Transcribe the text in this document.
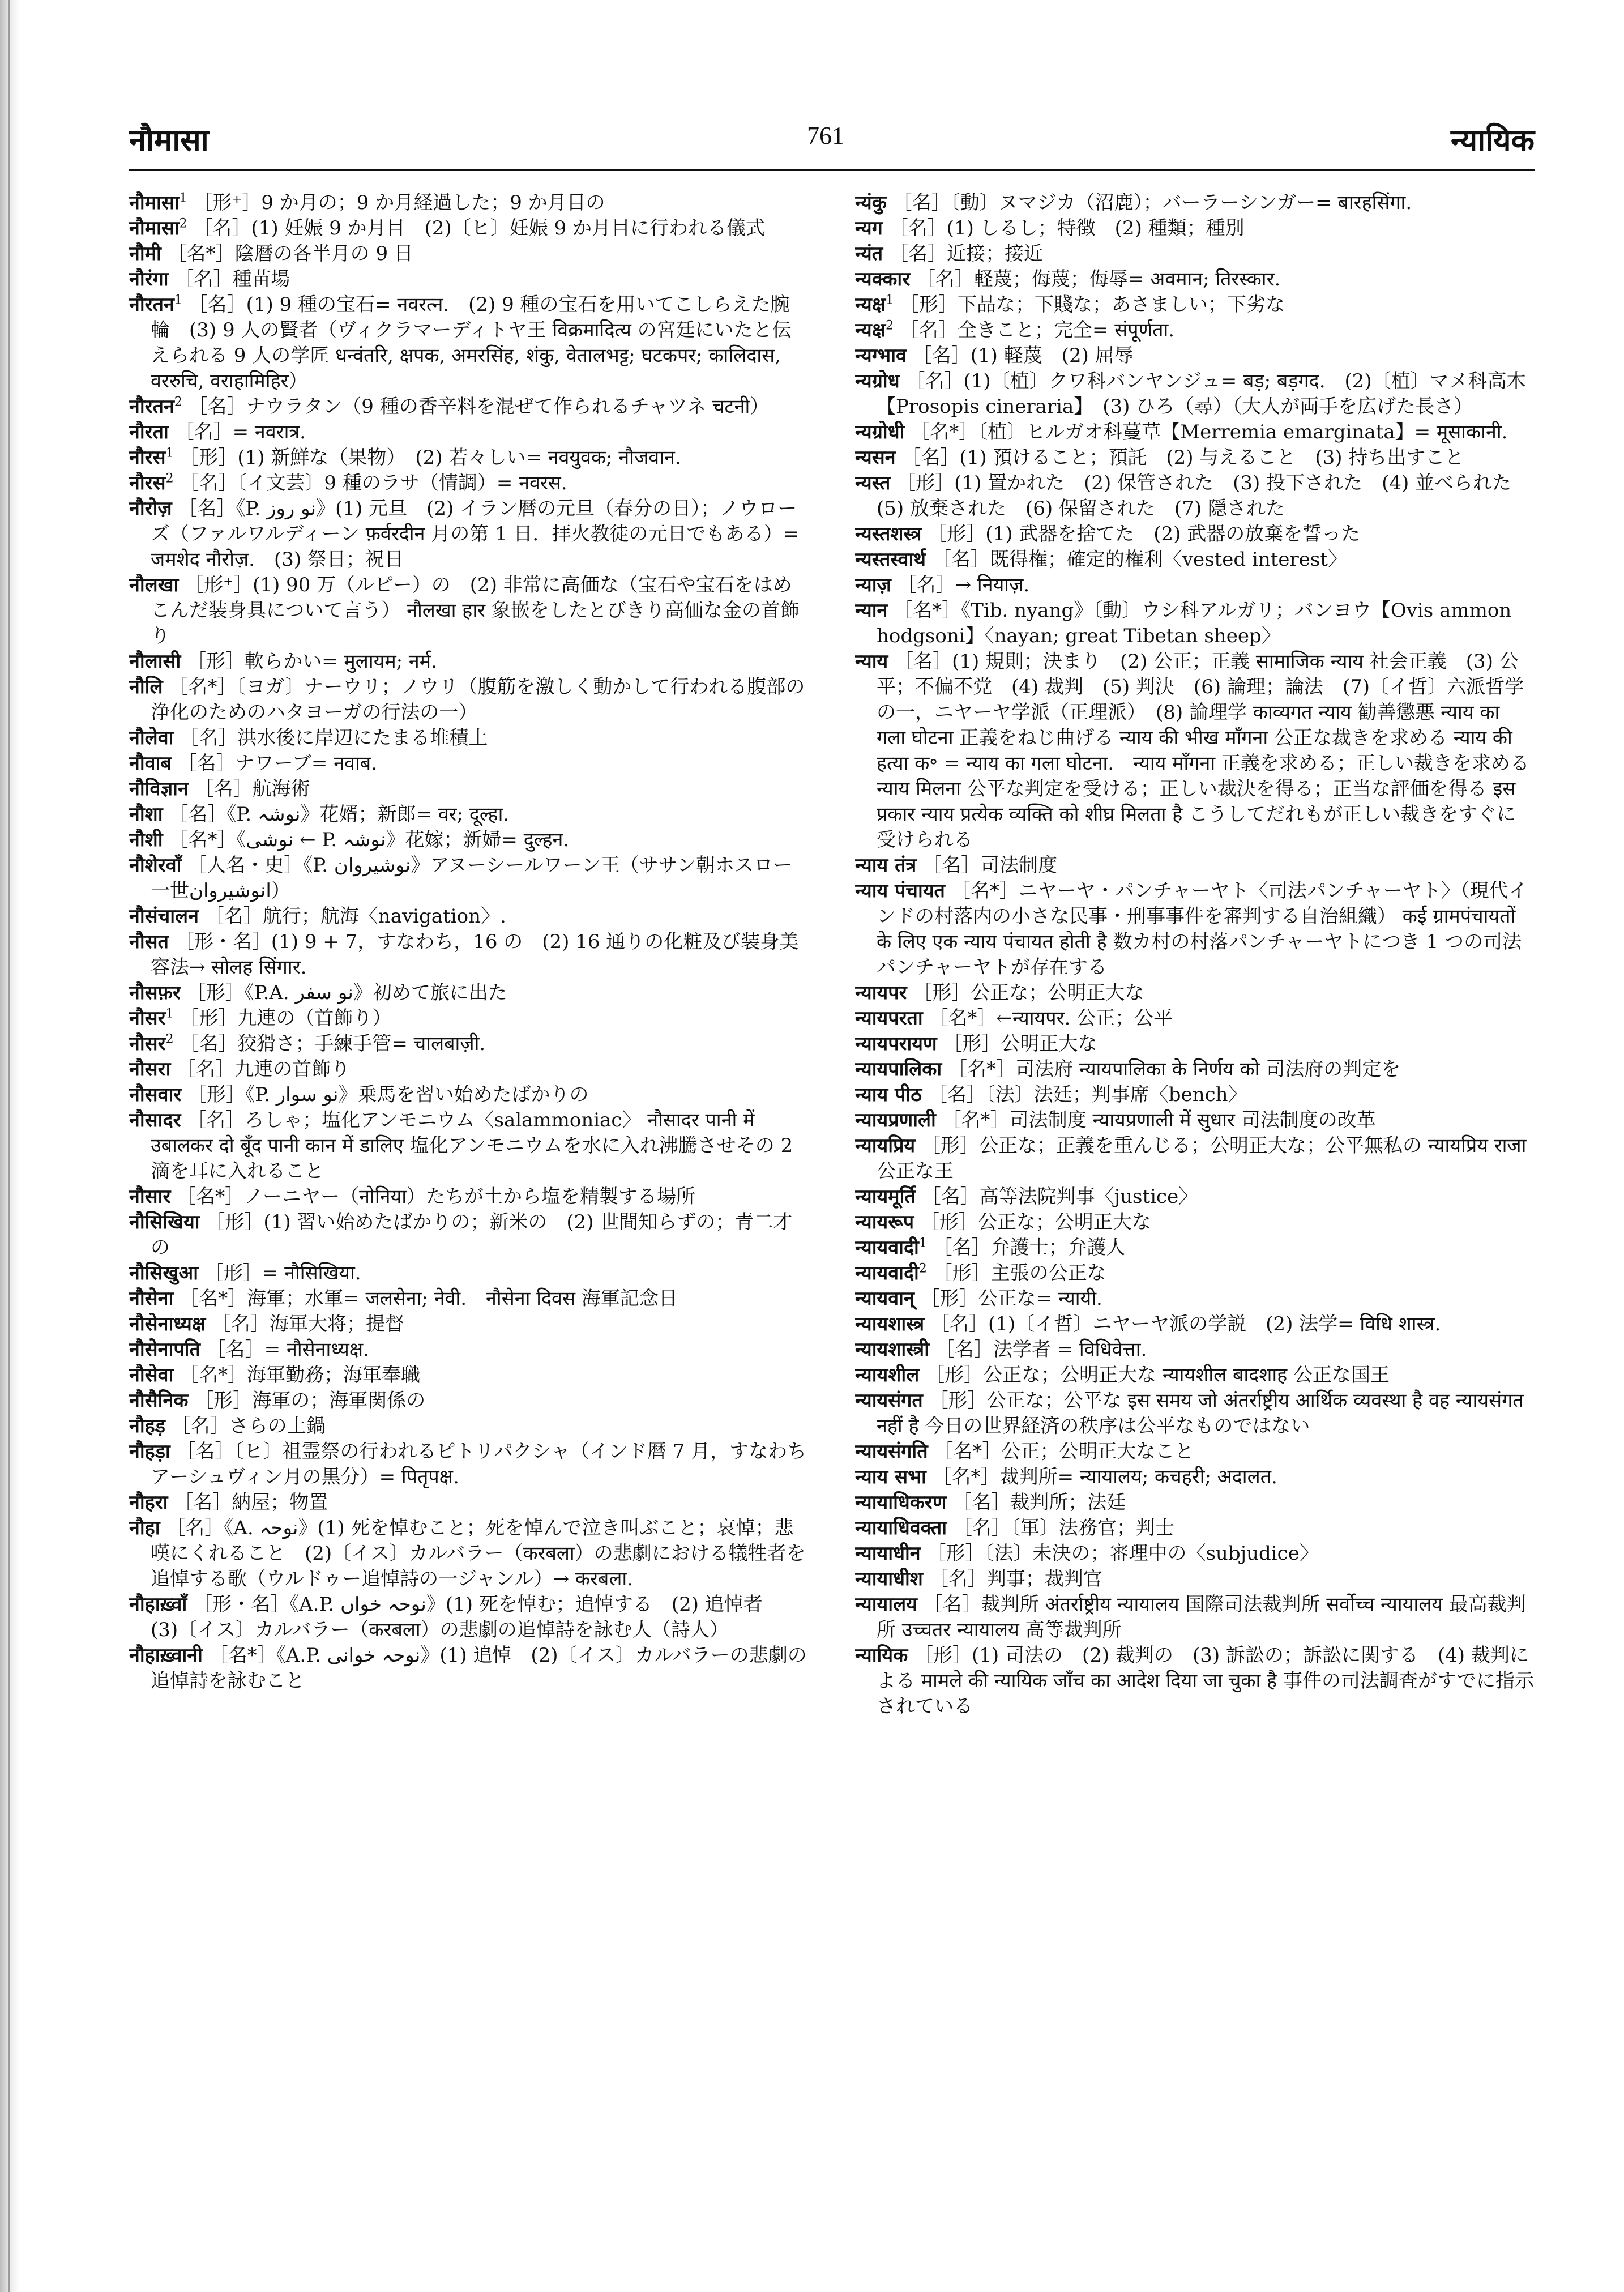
नौमासा	761	न्यायिक

नौमासा$^1$ ［形⁺］9 か月の；9 か月経過した；9 か月目の

नौमासा$^2$ ［名］(1) 妊娠 9 か月目　(2)〔ヒ〕妊娠 9 か月目に行われる儀式

नौमी ［名*］陰暦の各半月の 9 日

नौरंगा ［名］種苗場

नौरतन$^1$ ［名］(1) 9 種の宝石= नवरत्न.　(2) 9 種の宝石を用いてこしらえた腕輪　(3) 9 人の賢者（ヴィクラマーディトヤ王 विक्रमादित्य の宮廷にいたと伝えられる 9 人の学匠 धन्वंतरि, क्षपक, अमरसिंह, शंकु, वेतालभट्ट; घटकपर; कालिदास, वररुचि, वराहामिहिर）

नौरतन$^2$ ［名］ナウラタン（9 種の香辛料を混ぜて作られるチャツネ चटनी）

नौरता ［名］= नवरात्र.

नौरस$^1$ ［形］(1) 新鮮な（果物）　(2) 若々しい= नवयुवक; नौजवान.

नौरस$^2$ ［名］〔イ文芸〕9 種のラサ（情調）= नवरस.

नौरोज़ ［名］《P. نو روز》(1) 元旦　(2) イラン暦の元旦（春分の日）；ノウローズ（ファルワルディーン फ़र्वरदीन 月の第 1 日．拝火教徒の元日でもある）= जमशेद नौरोज़.　(3) 祭日；祝日

नौलखा ［形⁺］(1) 90 万（ルピー）の　(2) 非常に高価な（宝石や宝石をはめこんだ装身具について言う） नौलखा हार 象嵌をしたとびきり高価な金の首飾り

नौलासी ［形］軟らかい= मुलायम; नर्म.

नौलि ［名*］〔ヨガ〕ナーウリ；ノウリ（腹筋を激しく動かして行われる腹部の浄化のためのハタヨーガの行法の一）

नौलेवा ［名］洪水後に岸辺にたまる堆積土

नौवाब ［名］ナワーブ= नवाब.

नौविज्ञान ［名］航海術

नौशा ［名］《P. نوشہ》花婿；新郎= वर; दूल्हा.

नौशी ［名*］《نوشی ← P. نوشہ》花嫁；新婦= दुल्हन.

नौशेरवाँ ［人名・史］《P. نوشیروان》アヌーシールワーン王（ササン朝ホスロー一世انوشیروان）

नौसंचालन ［名］航行；航海〈navigation〉.

नौसत ［形・名］(1) 9 + 7，すなわち，16 の　(2) 16 通りの化粧及び装身美容法→ सोलह सिंगार.

नौसफ़र ［形］《P.A. نو سفر》初めて旅に出た

नौसर$^1$ ［形］九連の（首飾り）

नौसर$^2$ ［名］狡猾さ；手練手管= चालबाज़ी.

नौसरा ［名］九連の首飾り

नौसवार ［形］《P. نو سوار》乗馬を習い始めたばかりの

नौसादर ［名］ろしゃ；塩化アンモニウム〈salammoniac〉 नौसादर पानी में उबालकर दो बूँद पानी कान में डालिए 塩化アンモニウムを水に入れ沸騰させその 2 滴を耳に入れること

नौसार ［名*］ノーニヤー（नोनिया）たちが土から塩を精製する場所

नौसिखिया ［形］(1) 習い始めたばかりの；新米の　(2) 世間知らずの；青二才の

नौसिखुआ ［形］= नौसिखिया.

नौसेना ［名*］海軍；水軍= जलसेना; नेवी.　नौसेना दिवस 海軍記念日

नौसेनाध्यक्ष ［名］海軍大将；提督

नौसेनापति ［名］= नौसेनाध्यक्ष.

नौसेवा ［名*］海軍勤務；海軍奉職

नौसैनिक ［形］海軍の；海軍関係の

नौहड़ ［名］さらの土鍋

नौहड़ा ［名］〔ヒ〕祖霊祭の行われるピトリパクシャ（インド暦 7 月，すなわちアーシュヴィン月の黒分）= पितृपक्ष.

नौहरा ［名］納屋；物置

नौहा ［名］《A. نوحہ》(1) 死を悼むこと；死を悼んで泣き叫ぶこと；哀悼；悲嘆にくれること　(2)〔イス〕カルバラー（करबला）の悲劇における犠牲者を追悼する歌（ウルドゥー追悼詩の一ジャンル）→ करबला.

नौहाख़्वाँ ［形・名］《A.P. نوحہ خواں》(1) 死を悼む；追悼する　(2) 追悼者　(3)〔イス〕カルバラー（करबला）の悲劇の追悼詩を詠む人（詩人）

नौहाख़्वानी ［名*］《A.P. نوحہ خوانی》(1) 追悼　(2)〔イス〕カルバラーの悲劇の追悼詩を詠むこと

न्यंकु ［名］〔動〕ヌマジカ（沼鹿）；バーラーシンガー= बारहसिंगा.

न्यग ［名］(1) しるし；特徴　(2) 種類；種別

न्यंत ［名］近接；接近

न्यक्कार ［名］軽蔑；侮蔑；侮辱= अवमान; तिरस्कार.

न्यक्ष$^1$ ［形］下品な；下賤な；あさましい；下劣な

न्यक्ष$^2$ ［名］全きこと；完全= संपूर्णता.

न्यग्भाव ［名］(1) 軽蔑　(2) 屈辱

न्यग्रोध ［名］(1)〔植〕クワ科バンヤンジュ= बड़; बड़गद.　(2)〔植〕マメ科高木【Prosopis cineraria】　(3) ひろ（尋）（大人が両手を広げた長さ）

न्यग्रोधी ［名*］〔植〕ヒルガオ科蔓草【Merremia emarginata】= मूसाकानी.

न्यसन ［名］(1) 預けること；預託　(2) 与えること　(3) 持ち出すこと

न्यस्त ［形］(1) 置かれた　(2) 保管された　(3) 投下された　(4) 並べられた　(5) 放棄された　(6) 保留された　(7) 隠された

न्यस्तशस्त्र ［形］(1) 武器を捨てた　(2) 武器の放棄を誓った

न्यस्तस्वार्थ ［名］既得権；確定的権利〈vested interest〉

न्याज़ ［名］→ नियाज़.

न्यान ［名*］《Tib. nyang》〔動〕ウシ科アルガリ；バンヨウ【Ovis ammon hodgsoni】〈nayan; great Tibetan sheep〉

न्याय ［名］(1) 規則；決まり　(2) 公正；正義 सामाजिक न्याय 社会正義　(3) 公平；不偏不党　(4) 裁判　(5) 判決　(6) 論理；論法　(7)〔イ哲〕六派哲学の一，ニヤーヤ学派（正理派）　(8) 論理学 काव्यगत न्याय 勧善懲悪 न्याय का गला घोटना 正義をねじ曲げる न्याय की भीख माँगना 公正な裁きを求める न्याय की हत्या क॰ = न्याय का गला घोटना.　न्याय माँगना 正義を求める；正しい裁きを求める न्याय मिलना 公平な判定を受ける；正しい裁決を得る；正当な評価を得る इस प्रकार न्याय प्रत्येक व्यक्ति को शीघ्र मिलता है こうしてだれもが正しい裁きをすぐに受けられる

न्याय तंत्र ［名］司法制度

न्याय पंचायत ［名*］ニヤーヤ・パンチャーヤト〈司法パンチャーヤト〉（現代インドの村落内の小さな民事・刑事事件を審判する自治組織） कई ग्रामपंचायतों के लिए एक न्याय पंचायत होती है 数カ村の村落パンチャーヤトにつき 1 つの司法パンチャーヤトが存在する

न्यायपर ［形］公正な；公明正大な

न्यायपरता ［名*］←न्यायपर. 公正；公平

न्यायपरायण ［形］公明正大な

न्यायपालिका ［名*］司法府 न्यायपालिका के निर्णय को 司法府の判定を

न्याय पीठ ［名］〔法〕法廷；判事席〈bench〉

न्यायप्रणाली ［名*］司法制度 न्यायप्रणाली में सुधार 司法制度の改革

न्यायप्रिय ［形］公正な；正義を重んじる；公明正大な；公平無私の न्यायप्रिय राजा 公正な王

न्यायमूर्ति ［名］高等法院判事〈justice〉

न्यायरूप ［形］公正な；公明正大な

न्यायवादी$^1$ ［名］弁護士；弁護人

न्यायवादी$^2$ ［形］主張の公正な

न्यायवान् ［形］公正な= न्यायी.

न्यायशास्त्र ［名］(1)〔イ哲〕ニヤーヤ派の学説　(2) 法学= विधि शास्त्र.

न्यायशास्त्री ［名］法学者 = विधिवेत्ता.

न्यायशील ［形］公正な；公明正大な न्यायशील बादशाह 公正な国王

न्यायसंगत ［形］公正な；公平な इस समय जो अंतर्राष्ट्रीय आर्थिक व्यवस्था है वह न्यायसंगत नहीं है 今日の世界経済の秩序は公平なものではない

न्यायसंगति ［名*］公正；公明正大なこと

न्याय सभा ［名*］裁判所= न्यायालय; कचहरी; अदालत.

न्यायाधिकरण ［名］裁判所；法廷

न्यायाधिवक्ता ［名］〔軍〕法務官；判士

न्यायाधीन ［形］〔法〕未決の；審理中の〈subjudice〉

न्यायाधीश ［名］判事；裁判官

न्यायालय ［名］裁判所 अंतर्राष्ट्रीय न्यायालय 国際司法裁判所 सर्वोच्च न्यायालय 最高裁判所 उच्चतर न्यायालय 高等裁判所

न्यायिक ［形］(1) 司法の　(2) 裁判の　(3) 訴訟の；訴訟に関する　(4) 裁判による मामले की न्यायिक जाँच का आदेश दिया जा चुका है 事件の司法調査がすでに指示されている
